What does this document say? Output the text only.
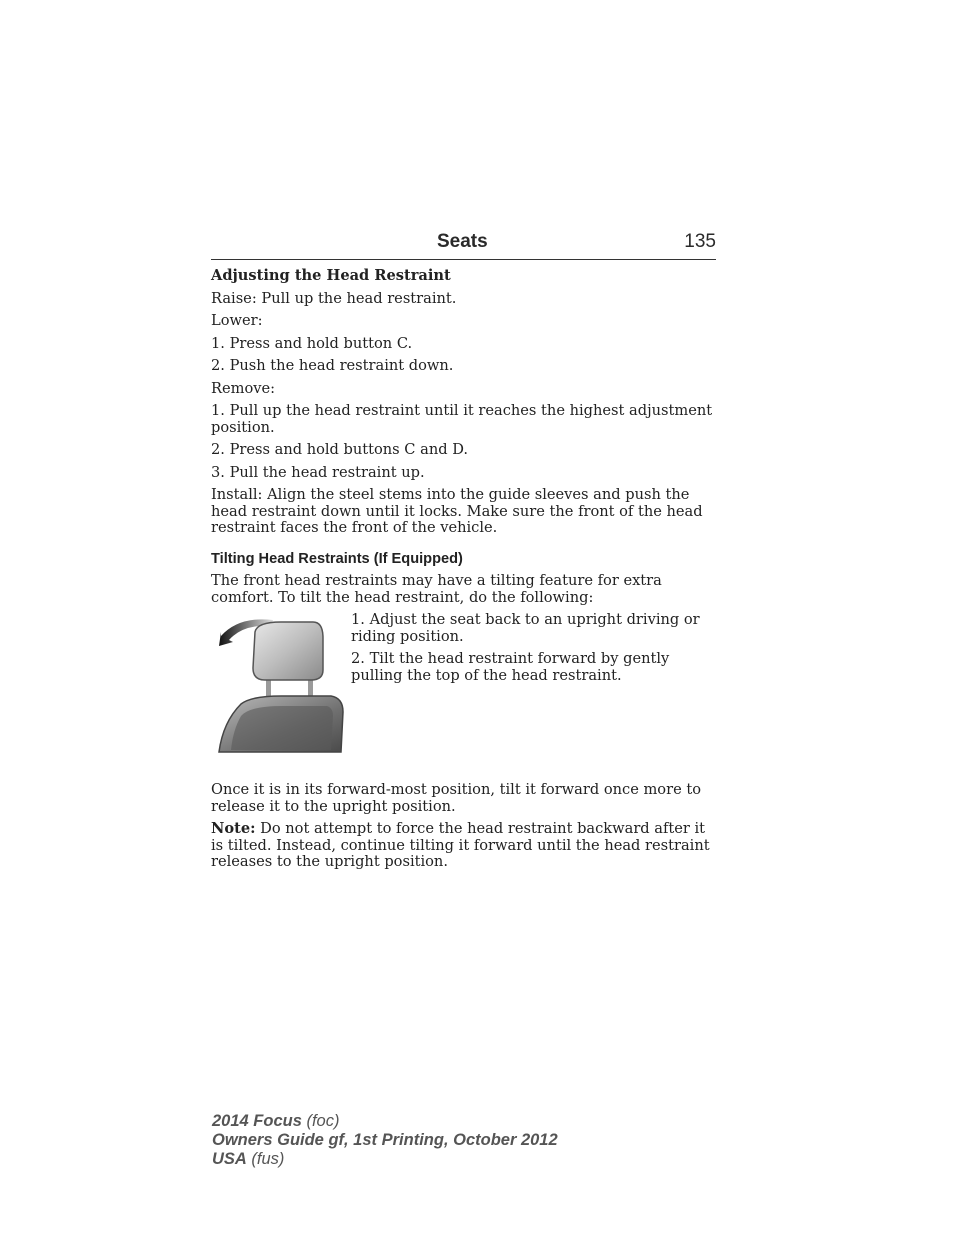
Seats	135

Adjusting the Head Restraint

Raise: Pull up the head restraint.

Lower:

1. Press and hold button C.

2. Push the head restraint down.

Remove:

1. Pull up the head restraint until it reaches the highest adjustment position.

2. Press and hold buttons C and D.

3. Pull the head restraint up.

Install: Align the steel stems into the guide sleeves and push the head restraint down until it locks. Make sure the front of the head restraint faces the front of the vehicle.

Tilting Head Restraints (If Equipped)

The front head restraints may have a tilting feature for extra comfort. To tilt the head restraint, do the following:

1. Adjust the seat back to an upright driving or riding position.

2. Tilt the head restraint forward by gently pulling the top of the head restraint.

Once it is in its forward-most position, tilt it forward once more to release it to the upright position.

Note: Do not attempt to force the head restraint backward after it is tilted. Instead, continue tilting it forward until the head restraint releases to the upright position.

2014 Focus (foc)
Owners Guide gf, 1st Printing, October 2012
USA (fus)
